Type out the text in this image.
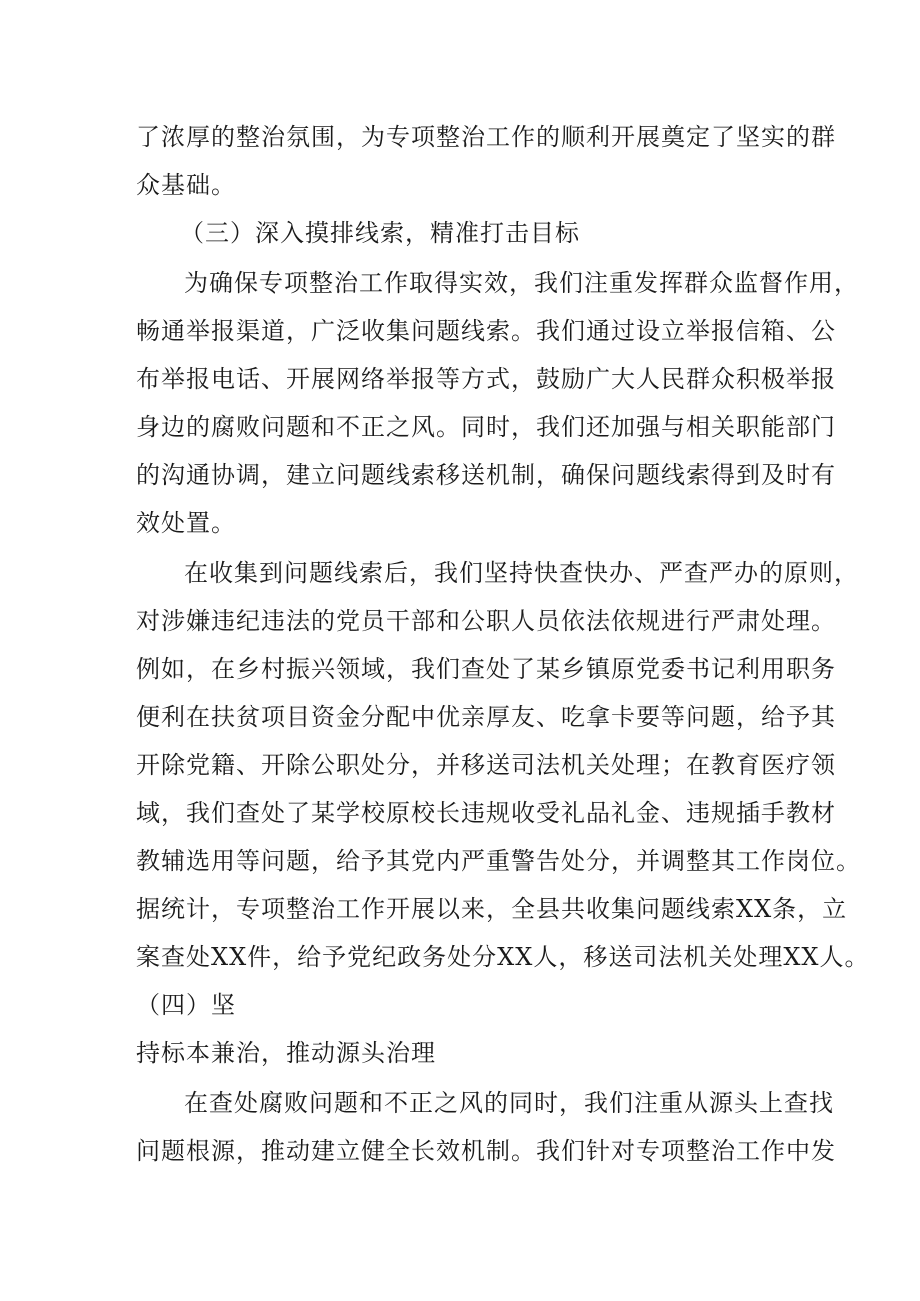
了浓厚的整治氛围，为专项整治工作的顺利开展奠定了坚实的群
众基础。
（三）深入摸排线索，精准打击目标
为确保专项整治工作取得实效，我们注重发挥群众监督作用，
畅通举报渠道，广泛收集问题线索。我们通过设立举报信箱、公
布举报电话、开展网络举报等方式，鼓励广大人民群众积极举报
身边的腐败问题和不正之风。同时，我们还加强与相关职能部门
的沟通协调，建立问题线索移送机制，确保问题线索得到及时有
效处置。
在收集到问题线索后，我们坚持快查快办、严查严办的原则，
对涉嫌违纪违法的党员干部和公职人员依法依规进行严肃处理。
例如，在乡村振兴领域，我们查处了某乡镇原党委书记利用职务
便利在扶贫项目资金分配中优亲厚友、吃拿卡要等问题，给予其
开除党籍、开除公职处分，并移送司法机关处理；在教育医疗领
域，我们查处了某学校原校长违规收受礼品礼金、违规插手教材
教辅选用等问题，给予其党内严重警告处分，并调整其工作岗位。
据统计，专项整治工作开展以来，全县共收集问题线索XX条，立
案查处XX件，给予党纪政务处分XX人，移送司法机关处理XX人。
（四）坚
持标本兼治，推动源头治理
在查处腐败问题和不正之风的同时，我们注重从源头上查找
问题根源，推动建立健全长效机制。我们针对专项整治工作中发
